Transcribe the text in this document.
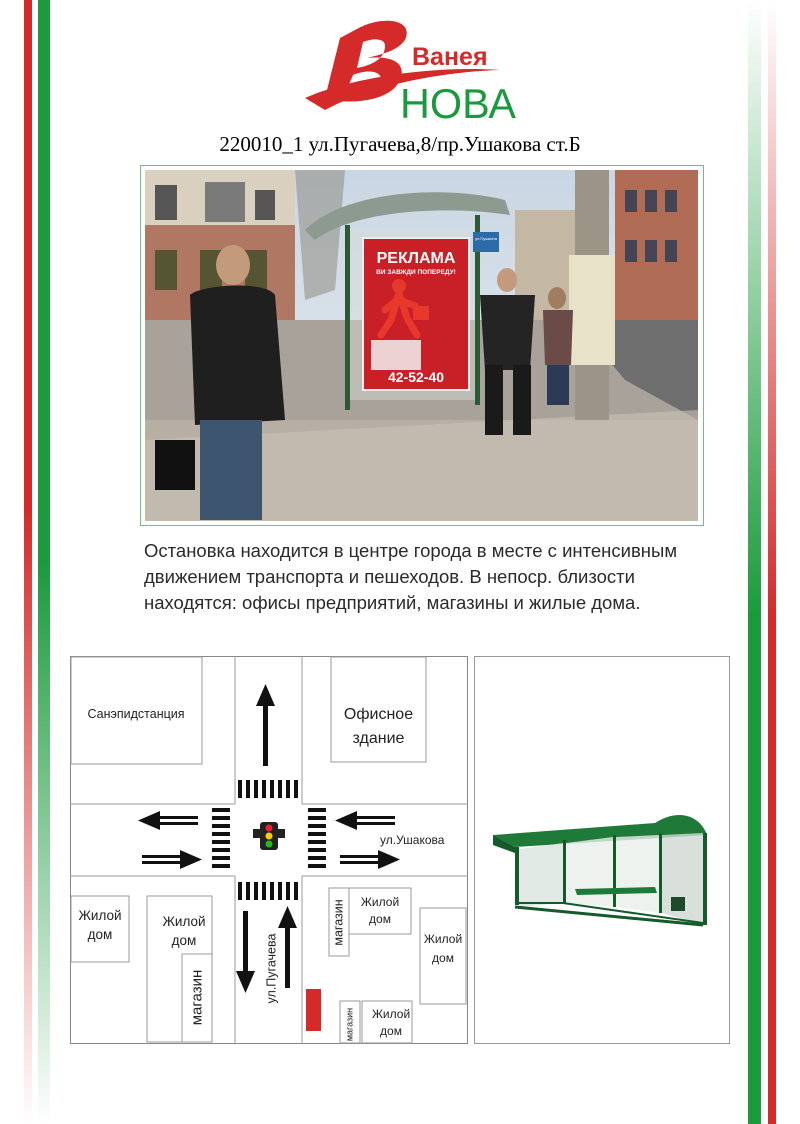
Ванея
НОВА
220010_1 ул.Пугачева,8/пр.Ушакова ст.Б
РЕКЛАМА
ВИ ЗАВЖДИ ПОПЕРЕДУ!
42-52-40
ул.Пушкина
Остановка находится в центре города в месте с интенсивным
движением транспорта и пешеходов. В непоср. близости
находятся: офисы предприятий, магазины и жилые дома.
Санэпидстанция	Офисное
здание
ул.Ушакова
ул.Пугачева
Жилой
дом
Жилой
дом
магазин
магазин	Жилой
дом
Жилой
дом
магазин	Жилой
дом
